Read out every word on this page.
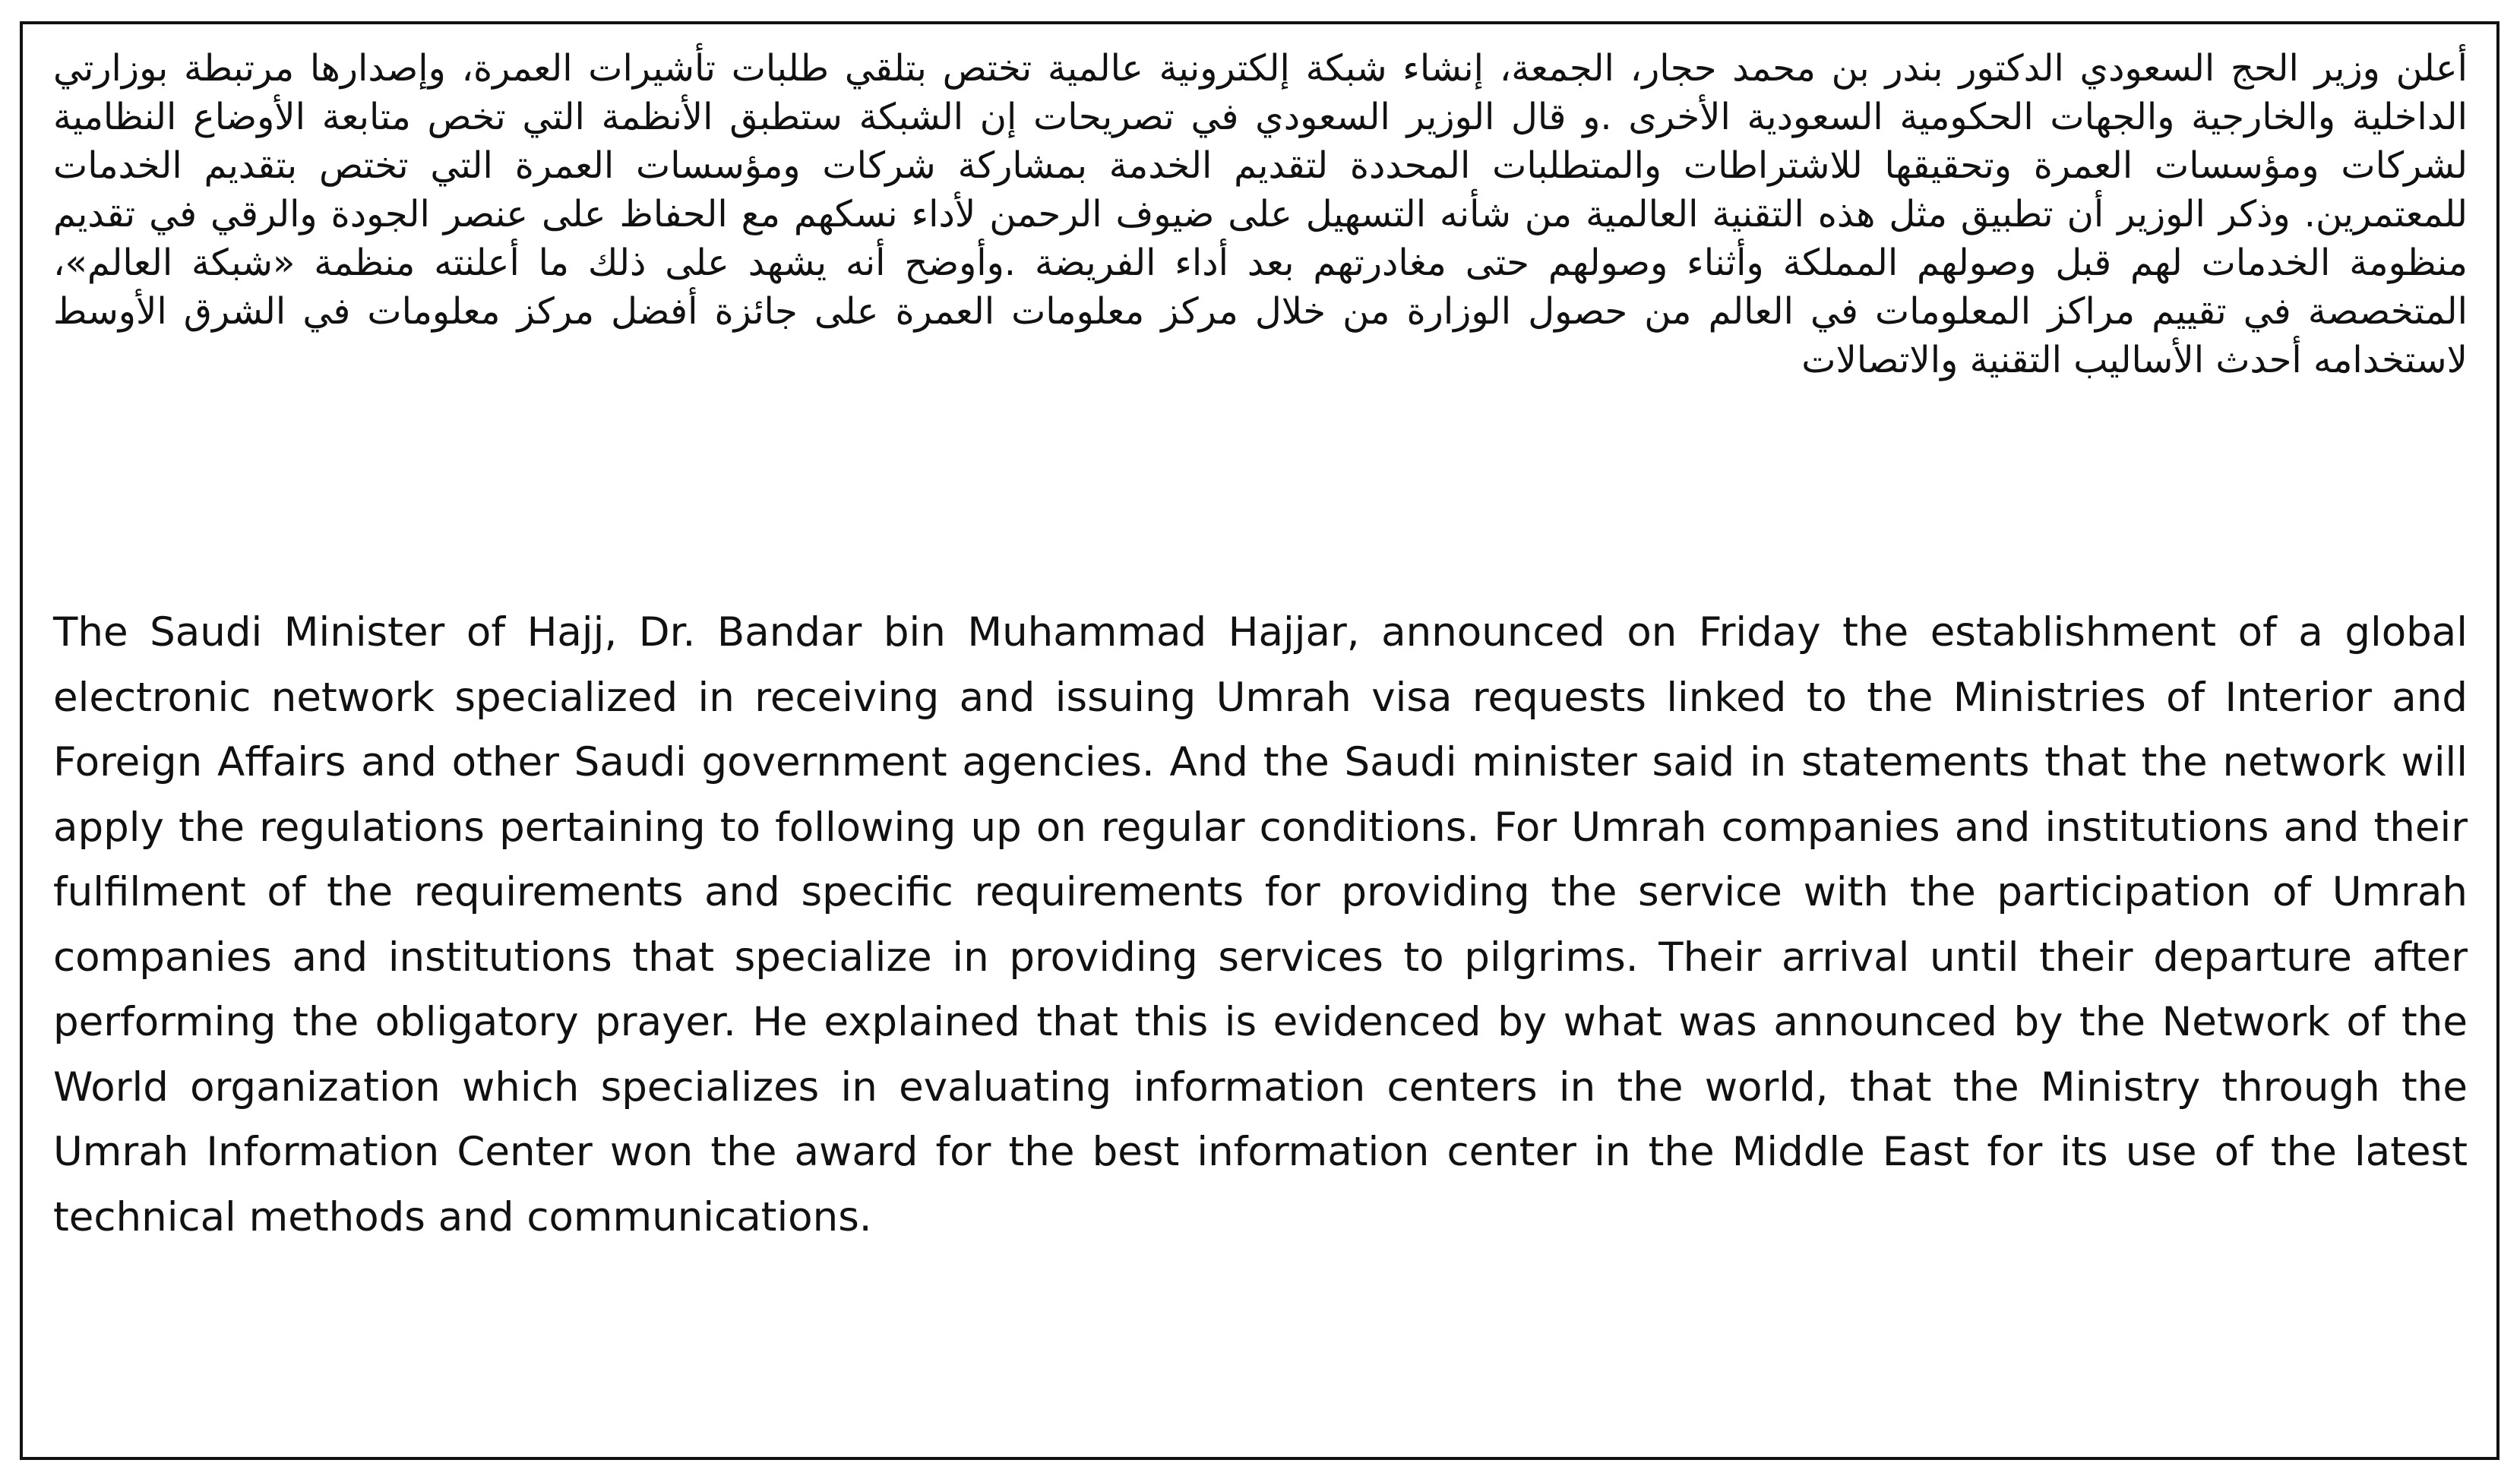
أعلن وزير الحج السعودي الدكتور بندر بن محمد حجار، الجمعة، إنشاء شبكة إلكترونية عالمية تختص بتلقي طلبات تأشيرات العمرة، وإصدارها مرتبطة بوزارتي الداخلية والخارجية والجهات الحكومية السعودية الأخرى .و قال الوزير السعودي في تصريحات إن الشبكة ستطبق الأنظمة التي تخص متابعة الأوضاع النظامية لشركات ومؤسسات العمرة وتحقيقها للاشتراطات والمتطلبات المحددة لتقديم الخدمة بمشاركة شركات ومؤسسات العمرة التي تختص بتقديم الخدمات للمعتمرين. وذكر الوزير أن تطبيق مثل هذه التقنية العالمية من شأنه التسهيل على ضيوف الرحمن لأداء نسكهم مع الحفاظ على عنصر الجودة والرقي في تقديم منظومة الخدمات لهم قبل وصولهم المملكة وأثناء وصولهم حتى مغادرتهم بعد أداء الفريضة .وأوضح أنه يشهد على ذلك ما أعلنته منظمة «شبكة العالم»، المتخصصة في تقييم مراكز المعلومات في العالم من حصول الوزارة من خلال مركز معلومات العمرة على جائزة أفضل مركز معلومات في الشرق الأوسط لاستخدامه أحدث الأساليب التقنية والاتصالات

The Saudi Minister of Hajj, Dr. Bandar bin Muhammad Hajjar, announced on Friday the establishment of a global electronic network specialized in receiving and issuing Umrah visa requests linked to the Ministries of Interior and Foreign Affairs and other Saudi government agencies. And the Saudi minister said in statements that the network will apply the regulations pertaining to following up on regular conditions. For Umrah companies and institutions and their fulfilment of the requirements and specific requirements for providing the service with the participation of Umrah companies and institutions that specialize in providing services to pilgrims. Their arrival until their departure after performing the obligatory prayer. He explained that this is evidenced by what was announced by the Network of the World organization which specializes in evaluating information centers in the world, that the Ministry through the Umrah Information Center won the award for the best information center in the Middle East for its use of the latest technical methods and communications.
